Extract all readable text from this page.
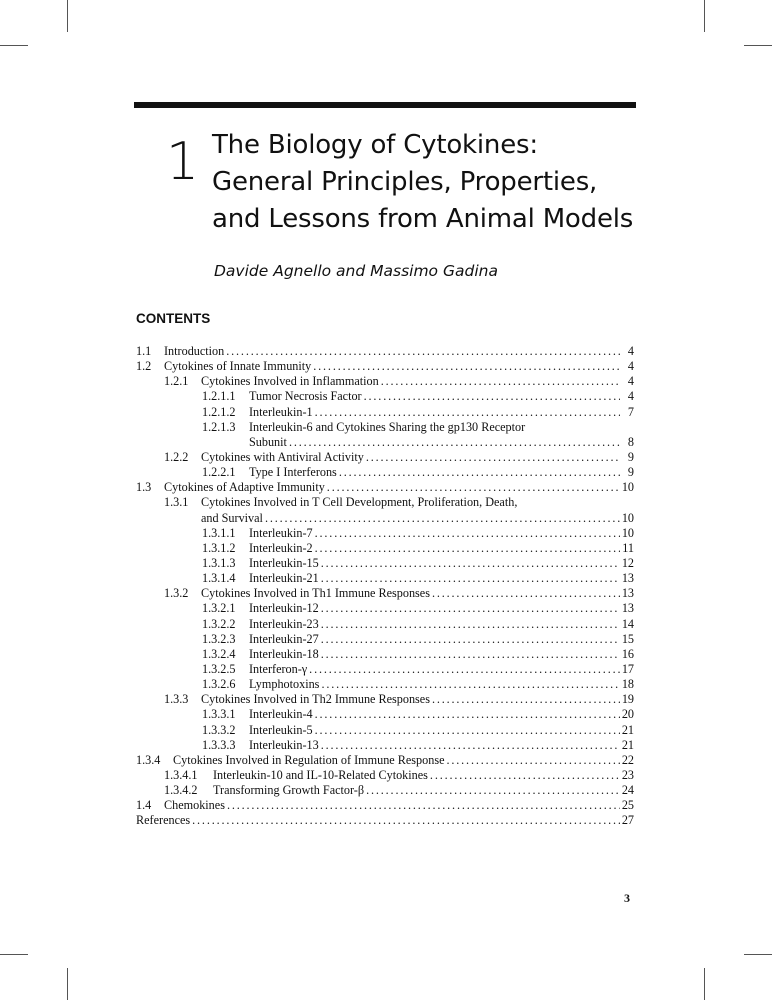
1 The Biology of Cytokines:
General Principles, Properties,
and Lessons from Animal Models
Davide Agnello and Massimo Gadina
CONTENTS
1.1	Introduction . . .	4
1.2	Cytokines of Innate Immunity . . .	4
1.2.1	Cytokines Involved in Inflammation . . .	4
1.2.1.1	Tumor Necrosis Factor . . .	4
1.2.1.2	Interleukin-1 . . .	7
1.2.1.3	Interleukin-6 and Cytokines Sharing the gp130 Receptor
Subunit . . .	8
1.2.2	Cytokines with Antiviral Activity . . .	9
1.2.2.1	Type I Interferons . . .	9
1.3	Cytokines of Adaptive Immunity . . .	10
1.3.1	Cytokines Involved in T Cell Development, Proliferation, Death,
and Survival . . .	10
1.3.1.1	Interleukin-7 . . .	10
1.3.1.2	Interleukin-2 . . .	11
1.3.1.3	Interleukin-15 . . .	12
1.3.1.4	Interleukin-21 . . .	13
1.3.2	Cytokines Involved in Th1 Immune Responses . . .	13
1.3.2.1	Interleukin-12 . . .	13
1.3.2.2	Interleukin-23 . . .	14
1.3.2.3	Interleukin-27 . . .	15
1.3.2.4	Interleukin-18 . . .	16
1.3.2.5	Interferon-γ . . .	17
1.3.2.6	Lymphotoxins . . .	18
1.3.3	Cytokines Involved in Th2 Immune Responses . . .	19
1.3.3.1	Interleukin-4 . . .	20
1.3.3.2	Interleukin-5 . . .	21
1.3.3.3	Interleukin-13 . . .	21
1.3.4	Cytokines Involved in Regulation of Immune Response . . .	22
1.3.4.1	Interleukin-10 and IL-10-Related Cytokines . . .	23
1.3.4.2	Transforming Growth Factor-β . . .	24
1.4	Chemokines . . .	25
References . . .	27
3
